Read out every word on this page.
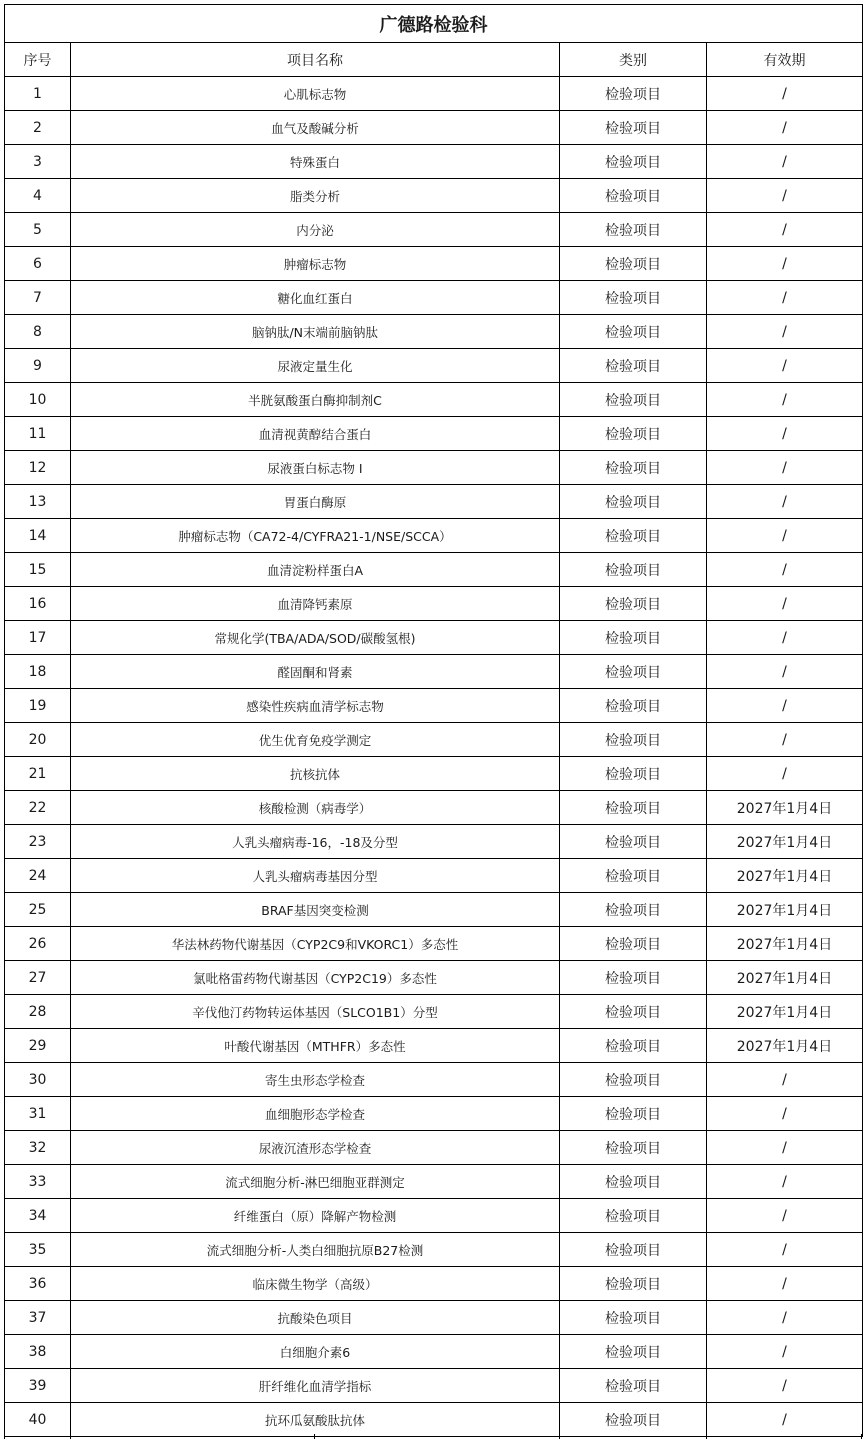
广德路检验科			
序号	项目名称	类别	有效期
1	心肌标志物	检验项目	/
2	血气及酸碱分析	检验项目	/
3	特殊蛋白	检验项目	/
4	脂类分析	检验项目	/
5	内分泌	检验项目	/
6	肿瘤标志物	检验项目	/
7	糖化血红蛋白	检验项目	/
8	脑钠肽/N末端前脑钠肽	检验项目	/
9	尿液定量生化	检验项目	/
10	半胱氨酸蛋白酶抑制剂C	检验项目	/
11	血清视黄醇结合蛋白	检验项目	/
12	尿液蛋白标志物 I	检验项目	/
13	胃蛋白酶原	检验项目	/
14	肿瘤标志物（CA72-4/CYFRA21-1/NSE/SCCA）	检验项目	/
15	血清淀粉样蛋白A	检验项目	/
16	血清降钙素原	检验项目	/
17	常规化学(TBA/ADA/SOD/碳酸氢根)	检验项目	/
18	醛固酮和肾素	检验项目	/
19	感染性疾病血清学标志物	检验项目	/
20	优生优育免疫学测定	检验项目	/
21	抗核抗体	检验项目	/
22	核酸检测（病毒学）	检验项目	2027年1月4日
23	人乳头瘤病毒-16，-18及分型	检验项目	2027年1月4日
24	人乳头瘤病毒基因分型	检验项目	2027年1月4日
25	BRAF基因突变检测	检验项目	2027年1月4日
26	华法林药物代谢基因（CYP2C9和VKORC1）多态性	检验项目	2027年1月4日
27	氯吡格雷药物代谢基因（CYP2C19）多态性	检验项目	2027年1月4日
28	辛伐他汀药物转运体基因（SLCO1B1）分型	检验项目	2027年1月4日
29	叶酸代谢基因（MTHFR）多态性	检验项目	2027年1月4日
30	寄生虫形态学检查	检验项目	/
31	血细胞形态学检查	检验项目	/
32	尿液沉渣形态学检查	检验项目	/
33	流式细胞分析-淋巴细胞亚群测定	检验项目	/
34	纤维蛋白（原）降解产物检测	检验项目	/
35	流式细胞分析-人类白细胞抗原B27检测	检验项目	/
36	临床微生物学（高级）	检验项目	/
37	抗酸染色项目	检验项目	/
38	白细胞介素6	检验项目	/
39	肝纤维化血清学指标	检验项目	/
40	抗环瓜氨酸肽抗体	检验项目	/
